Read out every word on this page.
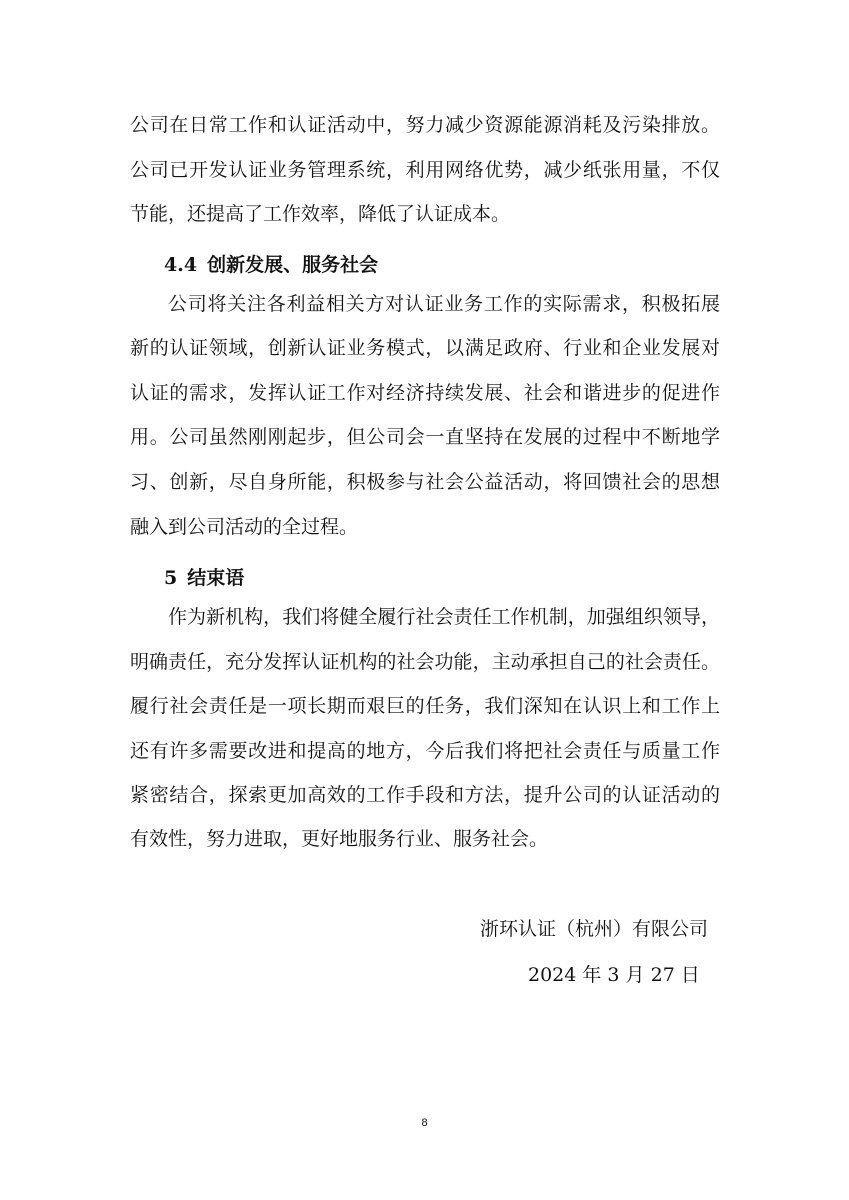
公司在日常工作和认证活动中，努力减少资源能源消耗及污染排放。
公司已开发认证业务管理系统，利用网络优势，减少纸张用量，不仅
节能，还提高了工作效率，降低了认证成本。
4.4 创新发展、服务社会
公司将关注各利益相关方对认证业务工作的实际需求，积极拓展
新的认证领域，创新认证业务模式，以满足政府、行业和企业发展对
认证的需求，发挥认证工作对经济持续发展、社会和谐进步的促进作
用。公司虽然刚刚起步，但公司会一直坚持在发展的过程中不断地学
习、创新，尽自身所能，积极参与社会公益活动，将回馈社会的思想
融入到公司活动的全过程。
5 结束语
作为新机构，我们将健全履行社会责任工作机制，加强组织领导，
明确责任，充分发挥认证机构的社会功能，主动承担自己的社会责任。
履行社会责任是一项长期而艰巨的任务，我们深知在认识上和工作上
还有许多需要改进和提高的地方，今后我们将把社会责任与质量工作
紧密结合，探索更加高效的工作手段和方法，提升公司的认证活动的
有效性，努力进取，更好地服务行业、服务社会。
浙环认证（杭州）有限公司
2024 年 3 月 27 日
8
